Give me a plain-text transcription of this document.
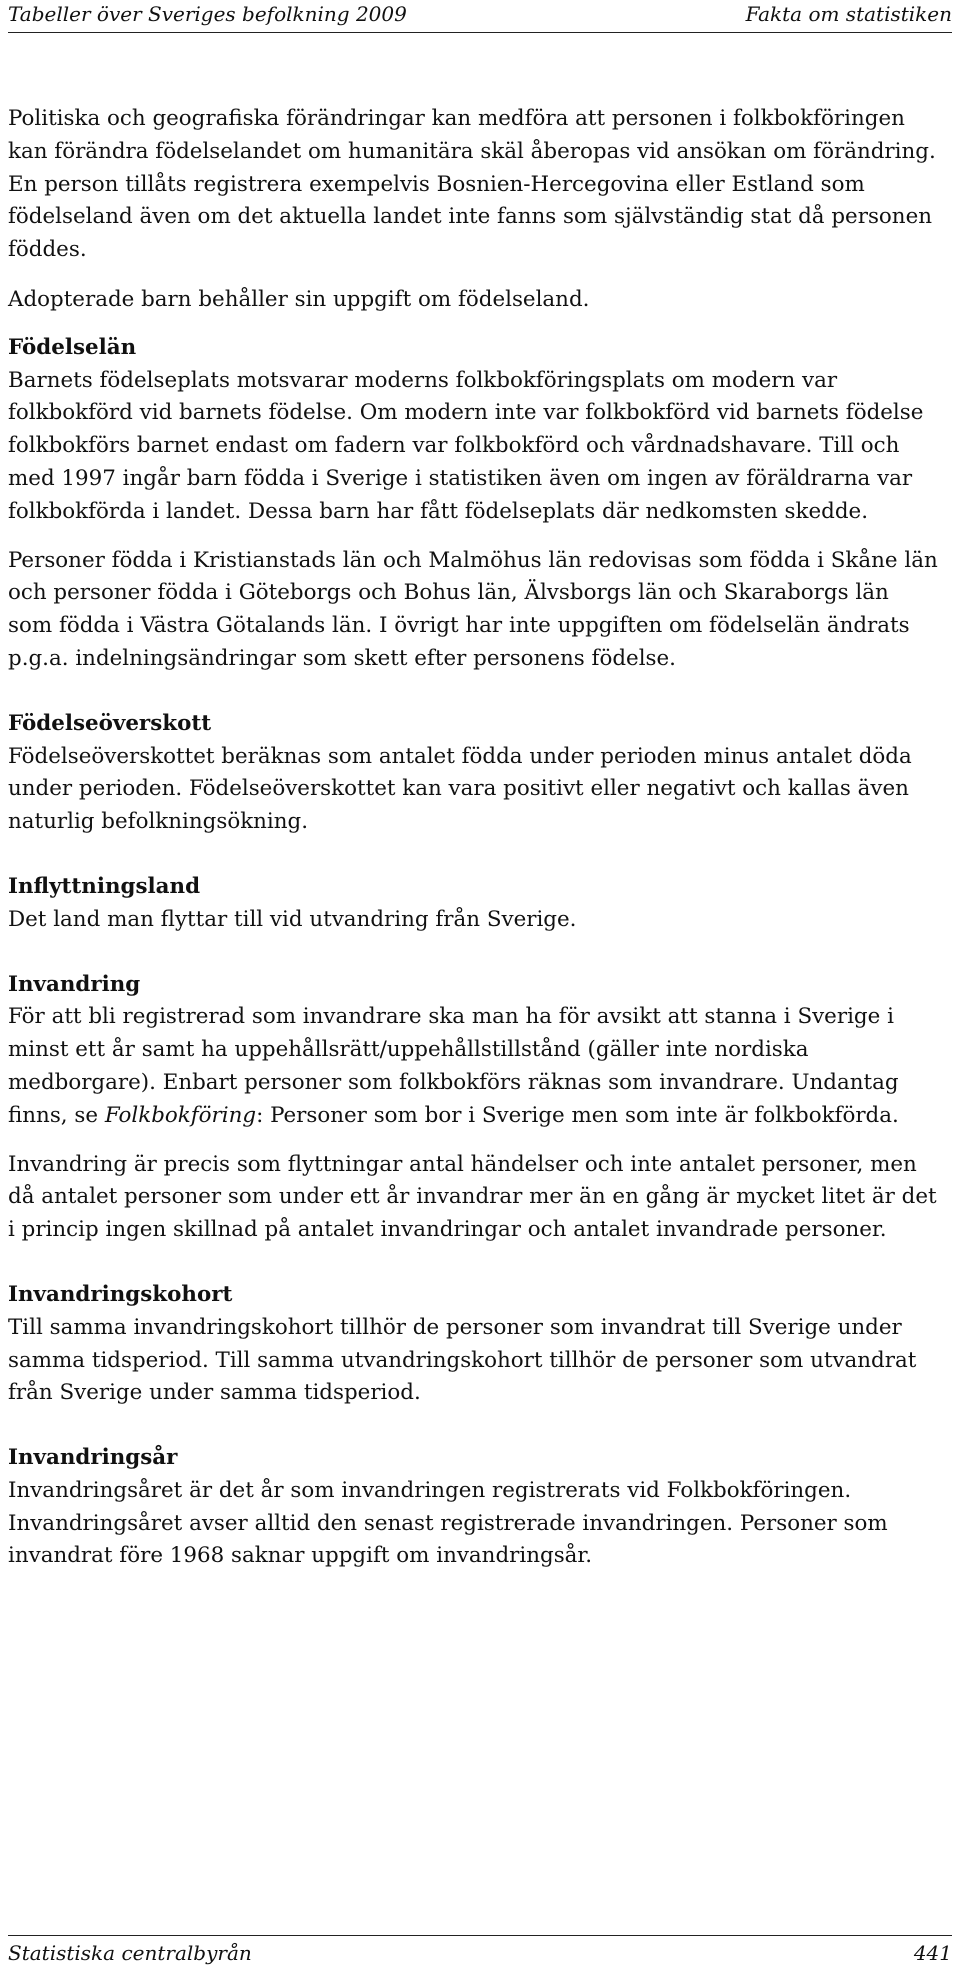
Tabeller över Sveriges befolkning 2009	Fakta om statistiken

Politiska och geografiska förändringar kan medföra att personen i folkbokföringen kan förändra födelselandet om humanitära skäl åberopas vid ansökan om förändring. En person tillåts registrera exempelvis Bosnien-Hercegovina eller Estland som födelseland även om det aktuella landet inte fanns som självständig stat då personen föddes.

Adopterade barn behåller sin uppgift om födelseland.

Födelselän

Barnets födelseplats motsvarar moderns folkbokföringsplats om modern var folkbokförd vid barnets födelse. Om modern inte var folkbokförd vid barnets födelse folkbokförs barnet endast om fadern var folkbokförd och vårdnadshavare. Till och med 1997 ingår barn födda i Sverige i statistiken även om ingen av föräldrarna var folkbokförda i landet. Dessa barn har fått födelseplats där nedkomsten skedde.

Personer födda i Kristianstads län och Malmöhus län redovisas som födda i Skåne län och personer födda i Göteborgs och Bohus län, Älvsborgs län och Skaraborgs län som födda i Västra Götalands län. I övrigt har inte uppgiften om födelselän ändrats p.g.a. indelningsändringar som skett efter personens födelse.

Födelseöverskott

Födelseöverskottet beräknas som antalet födda under perioden minus antalet döda under perioden. Födelseöverskottet kan vara positivt eller negativt och kallas även naturlig befolkningsökning.

Inflyttningsland

Det land man flyttar till vid utvandring från Sverige.

Invandring

För att bli registrerad som invandrare ska man ha för avsikt att stanna i Sverige i minst ett år samt ha uppehållsrätt/uppehållstillstånd (gäller inte nordiska medborgare). Enbart personer som folkbokförs räknas som invandrare. Undantag finns, se Folkbokföring: Personer som bor i Sverige men som inte är folkbokförda.

Invandring är precis som flyttningar antal händelser och inte antalet personer, men då antalet personer som under ett år invandrar mer än en gång är mycket litet är det i princip ingen skillnad på antalet invandringar och antalet invandrade personer.

Invandringskohort

Till samma invandringskohort tillhör de personer som invandrat till Sverige under samma tidsperiod. Till samma utvandringskohort tillhör de personer som utvandrat från Sverige under samma tidsperiod.

Invandringsår

Invandringsåret är det år som invandringen registrerats vid Folkbokföringen. Invandringsåret avser alltid den senast registrerade invandringen. Personer som invandrat före 1968 saknar uppgift om invandringsår.

Statistiska centralbyrån	441
